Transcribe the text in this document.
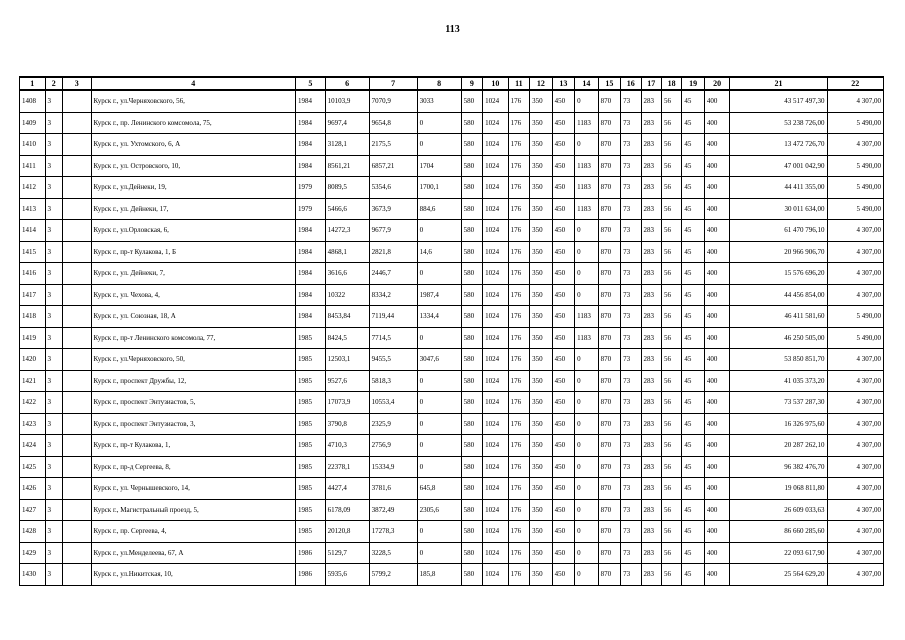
113
1	2	3	4	5	6	7	8	9	10	11	12	13	14	15	16	17	18	19	20	21	22
1408	3		Курск г., ул.Черняховского, 56,	1984	10103,9	7070,9	3033	580	1024	176	350	450	0	870	73	283	56	45	400	43 517 497,30	4 307,00
1409	3		Курск г., пр. Ленинского комсомола, 75,	1984	9697,4	9654,8	0	580	1024	176	350	450	1183	870	73	283	56	45	400	53 238 726,00	5 490,00
1410	3		Курск г., ул. Ухтомского, 6, А	1984	3128,1	2175,5	0	580	1024	176	350	450	0	870	73	283	56	45	400	13 472 726,70	4 307,00
1411	3		Курск г., ул. Островского, 10,	1984	8561,21	6857,21	1704	580	1024	176	350	450	1183	870	73	283	56	45	400	47 001 042,90	5 490,00
1412	3		Курск г., ул.Дейнеки, 19,	1979	8089,5	5354,6	1700,1	580	1024	176	350	450	1183	870	73	283	56	45	400	44 411 355,00	5 490,00
1413	3		Курск г., ул. Дейнеки, 17,	1979	5466,6	3673,9	884,6	580	1024	176	350	450	1183	870	73	283	56	45	400	30 011 634,00	5 490,00
1414	3		Курск г., ул.Орловская, 6,	1984	14272,3	9677,9	0	580	1024	176	350	450	0	870	73	283	56	45	400	61 470 796,10	4 307,00
1415	3		Курск г., пр-т Кулакова, 1, Б	1984	4868,1	2821,8	14,6	580	1024	176	350	450	0	870	73	283	56	45	400	20 966 906,70	4 307,00
1416	3		Курск г., ул. Дейнеки, 7,	1984	3616,6	2446,7	0	580	1024	176	350	450	0	870	73	283	56	45	400	15 576 696,20	4 307,00
1417	3		Курск г., ул. Чехова, 4,	1984	10322	8334,2	1987,4	580	1024	176	350	450	0	870	73	283	56	45	400	44 456 854,00	4 307,00
1418	3		Курск г., ул. Союзная, 18, А	1984	8453,84	7119,44	1334,4	580	1024	176	350	450	1183	870	73	283	56	45	400	46 411 581,60	5 490,00
1419	3		Курск г., пр-т Ленинского комсомола, 77,	1985	8424,5	7714,5	0	580	1024	176	350	450	1183	870	73	283	56	45	400	46 250 505,00	5 490,00
1420	3		Курск г., ул.Черняховского, 50,	1985	12503,1	9455,5	3047,6	580	1024	176	350	450	0	870	73	283	56	45	400	53 850 851,70	4 307,00
1421	3		Курск г., проспект Дружбы, 12,	1985	9527,6	5818,3	0	580	1024	176	350	450	0	870	73	283	56	45	400	41 035 373,20	4 307,00
1422	3		Курск г., проспект Энтузиастов, 5,	1985	17073,9	10553,4	0	580	1024	176	350	450	0	870	73	283	56	45	400	73 537 287,30	4 307,00
1423	3		Курск г., проспект Энтузиастов, 3,	1985	3790,8	2325,9	0	580	1024	176	350	450	0	870	73	283	56	45	400	16 326 975,60	4 307,00
1424	3		Курск г., пр-т Кулакова, 1,	1985	4710,3	2756,9	0	580	1024	176	350	450	0	870	73	283	56	45	400	20 287 262,10	4 307,00
1425	3		Курск г., пр-д Сергеева, 8,	1985	22378,1	15334,9	0	580	1024	176	350	450	0	870	73	283	56	45	400	96 382 476,70	4 307,00
1426	3		Курск г., ул. Чернышевского, 14,	1985	4427,4	3781,6	645,8	580	1024	176	350	450	0	870	73	283	56	45	400	19 068 811,80	4 307,00
1427	3		Курск г., Магистральный проезд, 5,	1985	6178,09	3872,49	2305,6	580	1024	176	350	450	0	870	73	283	56	45	400	26 609 033,63	4 307,00
1428	3		Курск г., пр. Сергеева, 4,	1985	20120,8	17278,3	0	580	1024	176	350	450	0	870	73	283	56	45	400	86 660 285,60	4 307,00
1429	3		Курск г., ул.Менделеева, 67, А	1986	5129,7	3228,5	0	580	1024	176	350	450	0	870	73	283	56	45	400	22 093 617,90	4 307,00
1430	3		Курск г., ул.Никитская, 10,	1986	5935,6	5799,2	185,8	580	1024	176	350	450	0	870	73	283	56	45	400	25 564 629,20	4 307,00
